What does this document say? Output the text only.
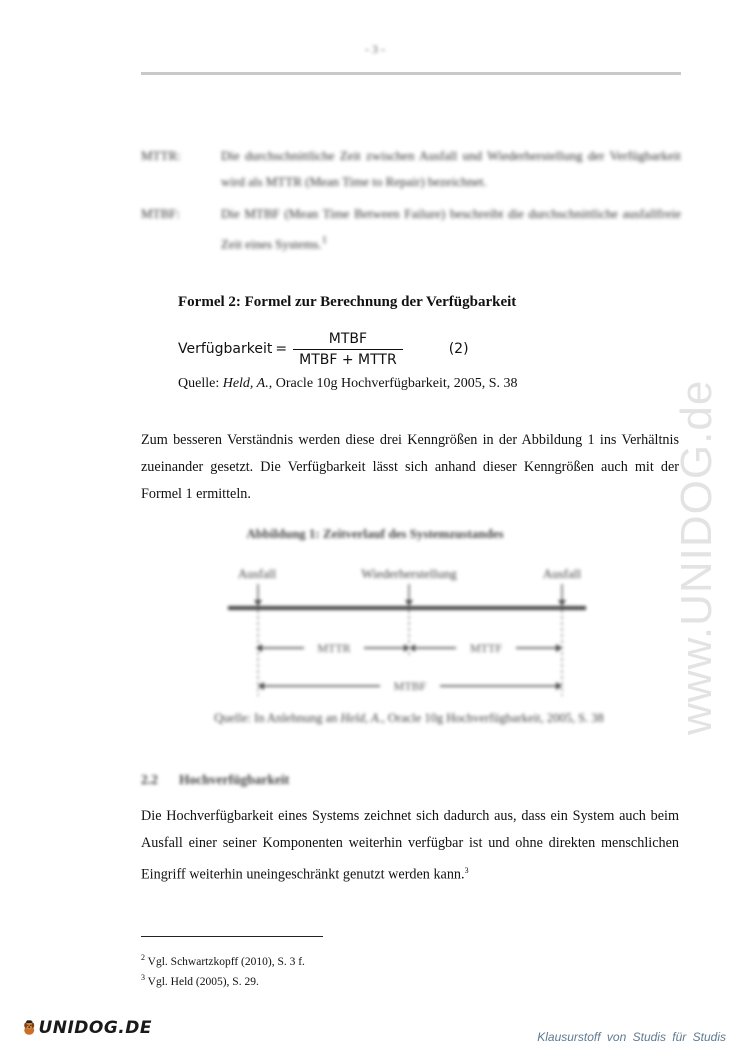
- 3 -
MTTR:	Die durchschnittliche Zeit zwischen Ausfall und Wiederherstellung der Verfügbarkeit wird als MTTR (Mean Time to Repair) bezeichnet.
MTBF:	Die MTBF (Mean Time Between Failure) beschreibt die durchschnittliche ausfallfreie Zeit eines Systems.$^1$
Formel 2: Formel zur Berechnung der Verfügbarkeit
Verfügbarkeit = $\frac{\text{MTBF}}{\text{MTBF + MTTR}}$	(2)
Quelle: Held, A., Oracle 10g Hochverfügbarkeit, 2005, S. 38
Zum besseren Verständnis werden diese drei Kenngrößen in der Abbildung 1 ins Verhältnis zueinander gesetzt. Die Verfügbarkeit lässt sich anhand dieser Kenngrößen auch mit der Formel 1 ermitteln.
Abbildung 1: Zeitverlauf des Systemzustandes
Ausfall	Wiederherstellung	Ausfall
MTTR	MTTF
MTBF
Quelle: In Anlehnung an Held, A., Oracle 10g Hochverfügbarkeit, 2005, S. 38
2.2 Hochverfügbarkeit
Die Hochverfügbarkeit eines Systems zeichnet sich dadurch aus, dass ein System auch beim Ausfall einer seiner Komponenten weiterhin verfügbar ist und ohne direkten menschlichen Eingriff weiterhin uneingeschränkt genutzt werden kann.$^3$
$^2$ Vgl. Schwartzkopff (2010), S. 3 f.
$^3$ Vgl. Held (2005), S. 29.
www.UNIDOG.de
UNIDOG.DE	Klausurstoff von Studis für Studis
